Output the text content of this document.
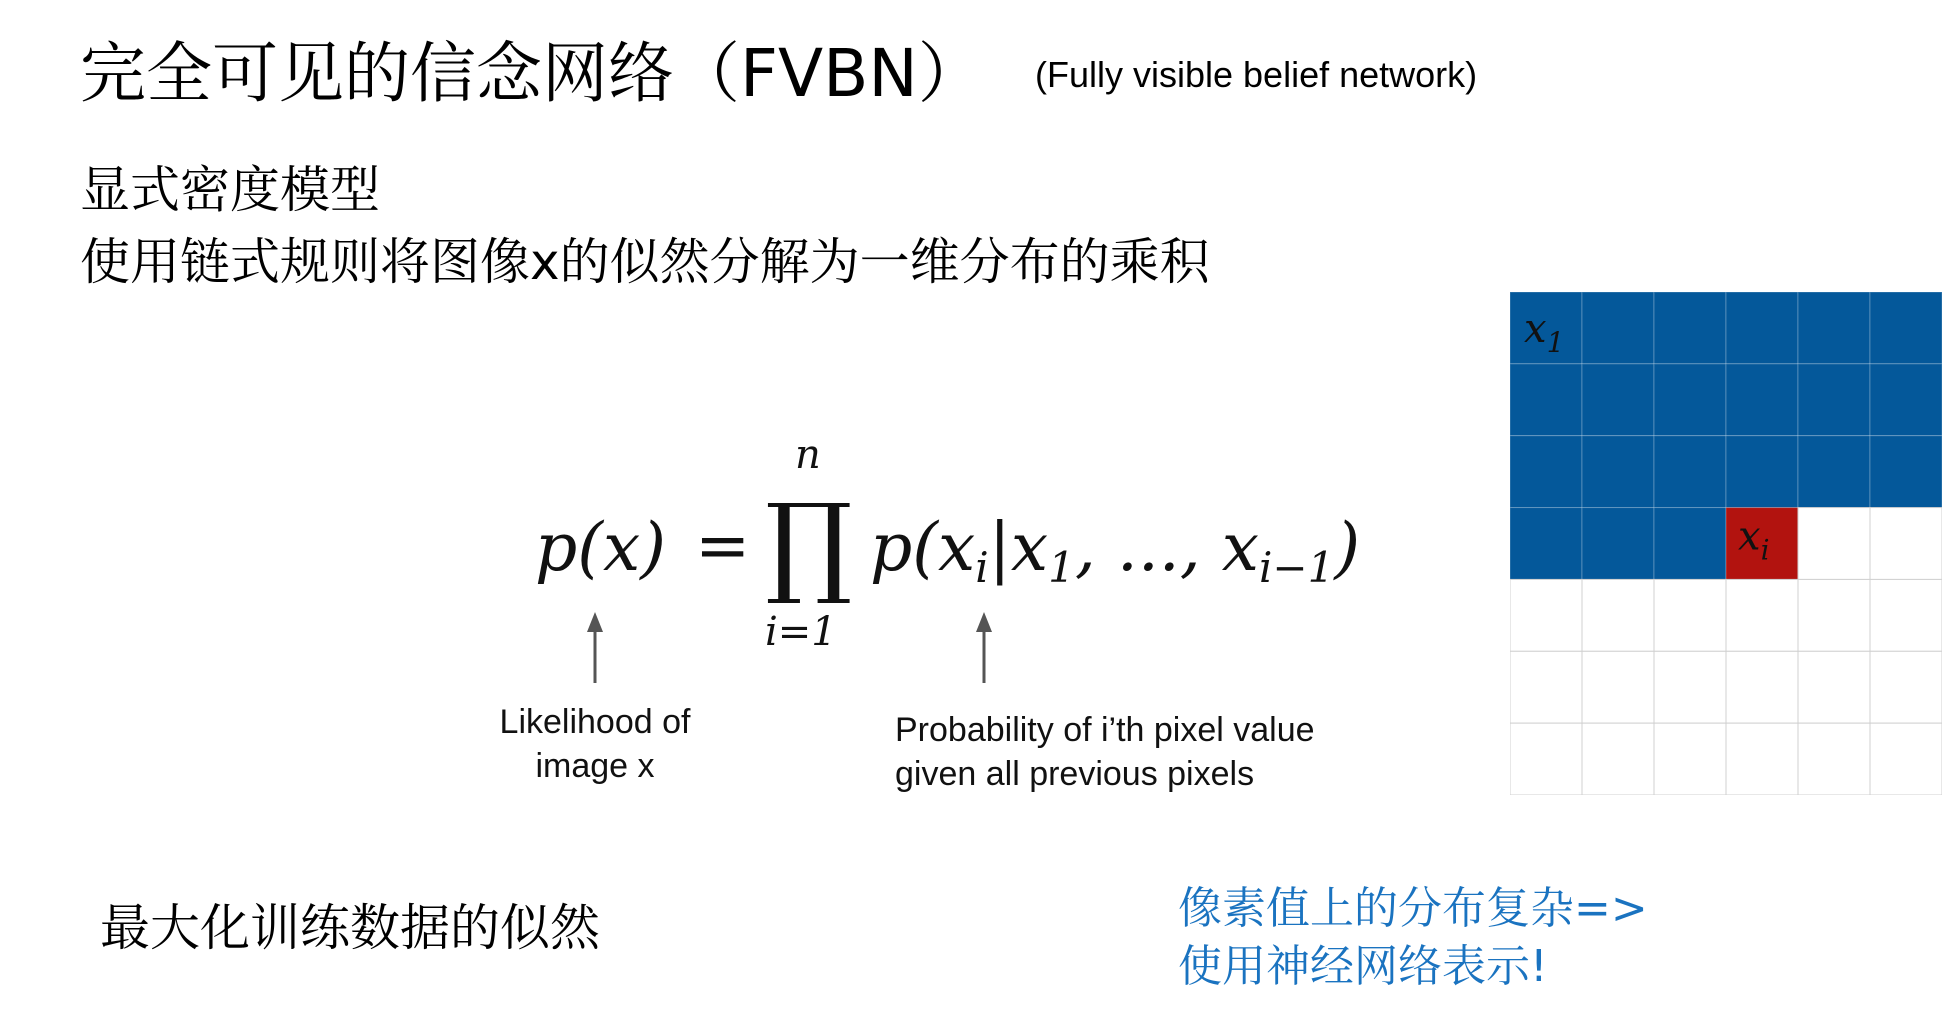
完全可见的信念网络（FVBN） (Fully visible belief network)
显式密度模型
使用链式规则将图像x的似然分解为一维分布的乘积
p(x) = ∏
n
i=1
p(xi|x1, ..., xi−1)
Likelihood of
image x
Probability of i’th pixel value
given all previous pixels
$x_1$
$x_i$
最大化训练数据的似然	像素值上的分布复杂=>
使用神经网络表示!
